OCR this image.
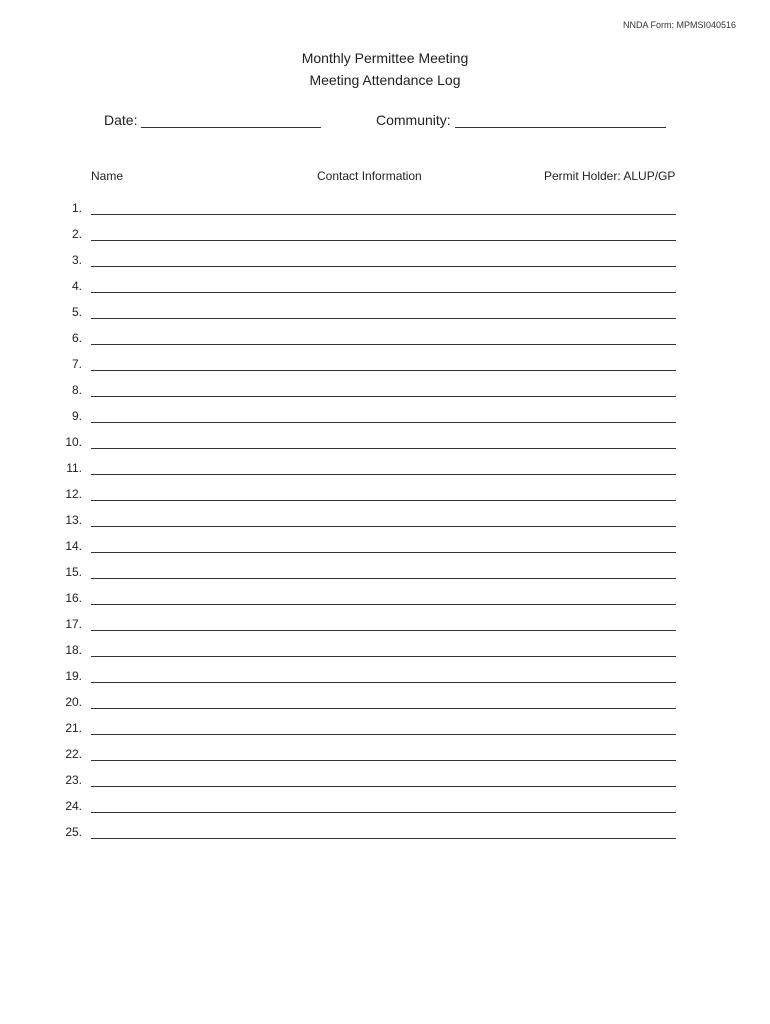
NNDA Form: MPMSI040516
Monthly Permittee Meeting
Meeting Attendance Log
Date:	Community:
Name	Contact Information	Permit Holder: ALUP/GP
1.
2.
3.
4.
5.
6.
7.
8.
9.
10.
11.
12.
13.
14.
15.
16.
17.
18.
19.
20.
21.
22.
23.
24.
25.
